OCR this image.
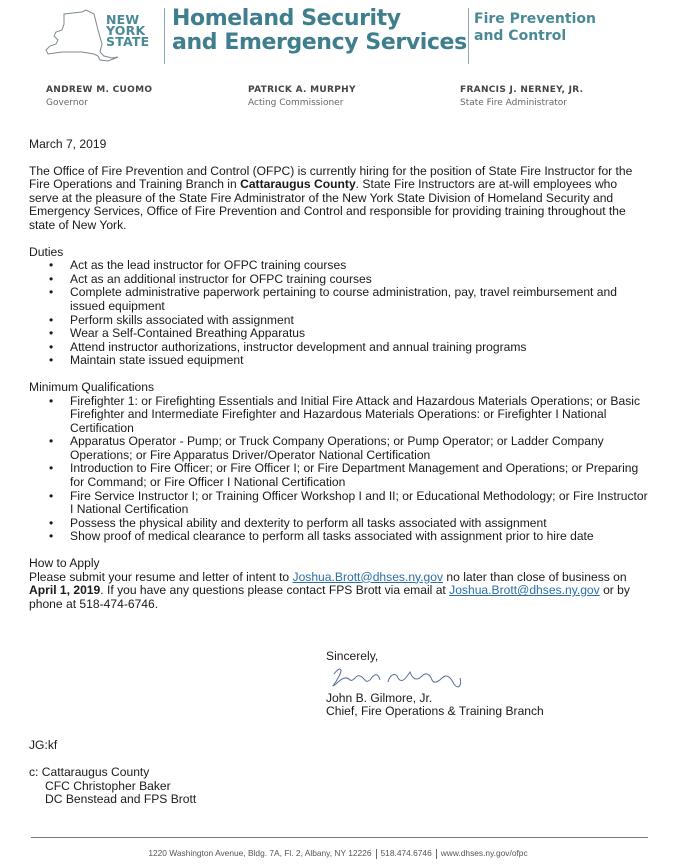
NEW
YORK
STATE
Homeland Security
and Emergency Services
Fire Prevention
and Control
ANDREW M. CUOMO
Governor
PATRICK A. MURPHY
Acting Commissioner
FRANCIS J. NERNEY, JR.
State Fire Administrator
March 7, 2019
The Office of Fire Prevention and Control (OFPC) is currently hiring for the position of State Fire Instructor for the Fire Operations and Training Branch in Cattaraugus County. State Fire Instructors are at-will employees who serve at the pleasure of the State Fire Administrator of the New York State Division of Homeland Security and Emergency Services, Office of Fire Prevention and Control and responsible for providing training throughout the state of New York.
Duties
• Act as the lead instructor for OFPC training courses
• Act as an additional instructor for OFPC training courses
• Complete administrative paperwork pertaining to course administration, pay, travel reimbursement and issued equipment
• Perform skills associated with assignment
• Wear a Self-Contained Breathing Apparatus
• Attend instructor authorizations, instructor development and annual training programs
• Maintain state issued equipment
Minimum Qualifications
• Firefighter 1: or Firefighting Essentials and Initial Fire Attack and Hazardous Materials Operations; or Basic Firefighter and Intermediate Firefighter and Hazardous Materials Operations: or Firefighter I National Certification
• Apparatus Operator - Pump; or Truck Company Operations; or Pump Operator; or Ladder Company Operations; or Fire Apparatus Driver/Operator National Certification
• Introduction to Fire Officer; or Fire Officer I; or Fire Department Management and Operations; or Preparing for Command; or Fire Officer I National Certification
• Fire Service Instructor I; or Training Officer Workshop I and II; or Educational Methodology; or Fire Instructor I National Certification
• Possess the physical ability and dexterity to perform all tasks associated with assignment
• Show proof of medical clearance to perform all tasks associated with assignment prior to hire date
How to Apply
Please submit your resume and letter of intent to Joshua.Brott@dhses.ny.gov no later than close of business on April 1, 2019. If you have any questions please contact FPS Brott via email at Joshua.Brott@dhses.ny.gov or by phone at 518-474-6746.
Sincerely,
John B. Gilmore, Jr.
Chief, Fire Operations & Training Branch
JG:kf
c: Cattaraugus County
CFC Christopher Baker
DC Benstead and FPS Brott
1220 Washington Avenue, Bldg. 7A, Fl. 2, Albany, NY 12226 518.474.6746 www.dhses.ny.gov/ofpc
